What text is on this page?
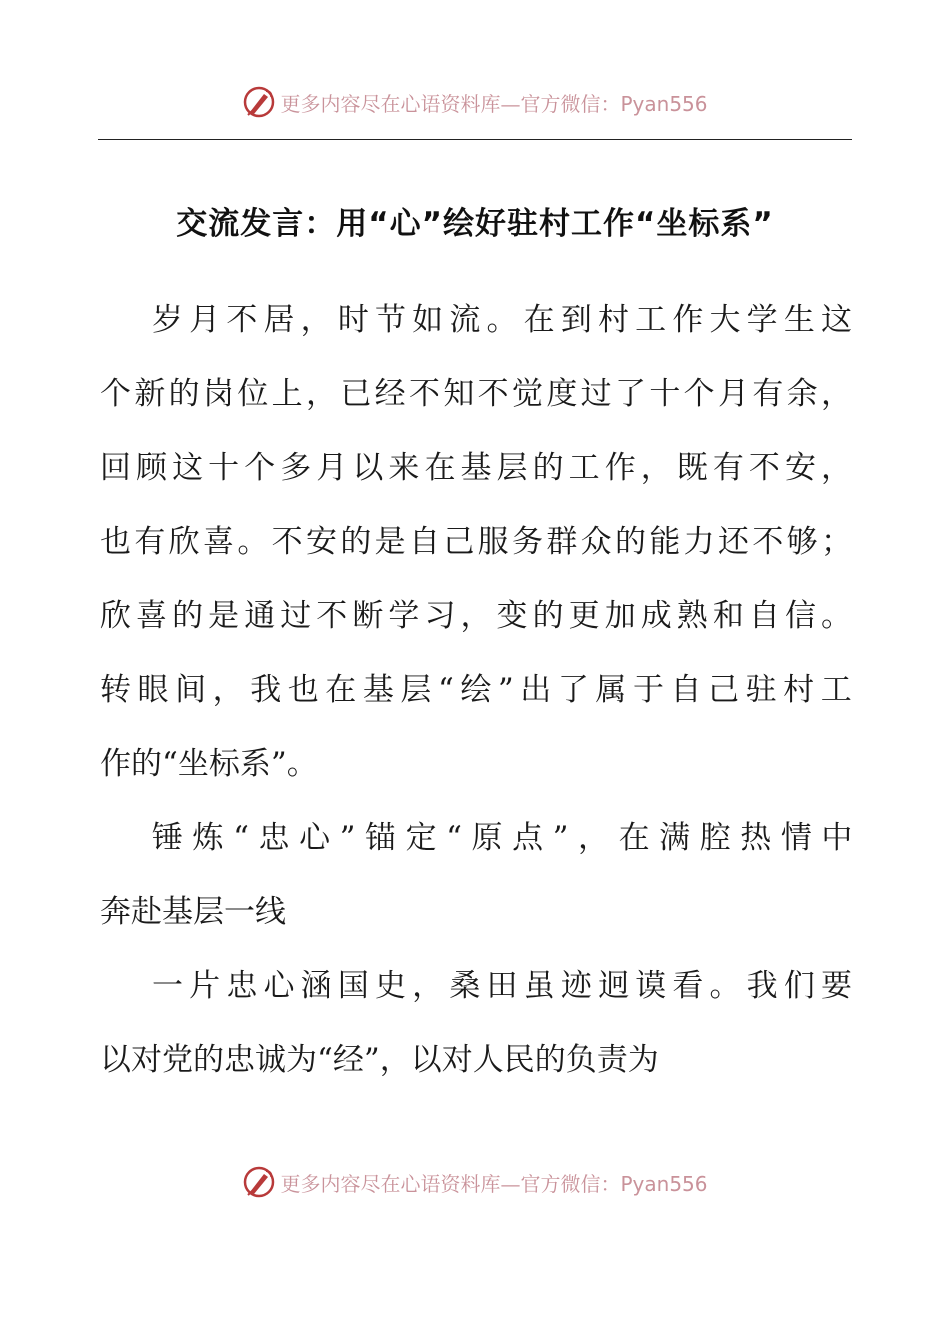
更多内容尽在心语资料库—官方微信：Pyan556
交流发言：用“心”绘好驻村工作“坐标系”
岁月不居，时节如流。在到村工作大学生这
个新的岗位上，已经不知不觉度过了十个月有余，
回顾这十个多月以来在基层的工作，既有不安，
也有欣喜。不安的是自己服务群众的能力还不够；
欣喜的是通过不断学习，变的更加成熟和自信。
转眼间，我也在基层“绘”出了属于自己驻村工
作的“坐标系”。
锤炼“忠心”锚定“原点”，在满腔热情中
奔赴基层一线
一片忠心涵国史，桑田虽迹迥谟看。我们要
以对党的忠诚为“经”，以对人民的负责为
更多内容尽在心语资料库—官方微信：Pyan556
